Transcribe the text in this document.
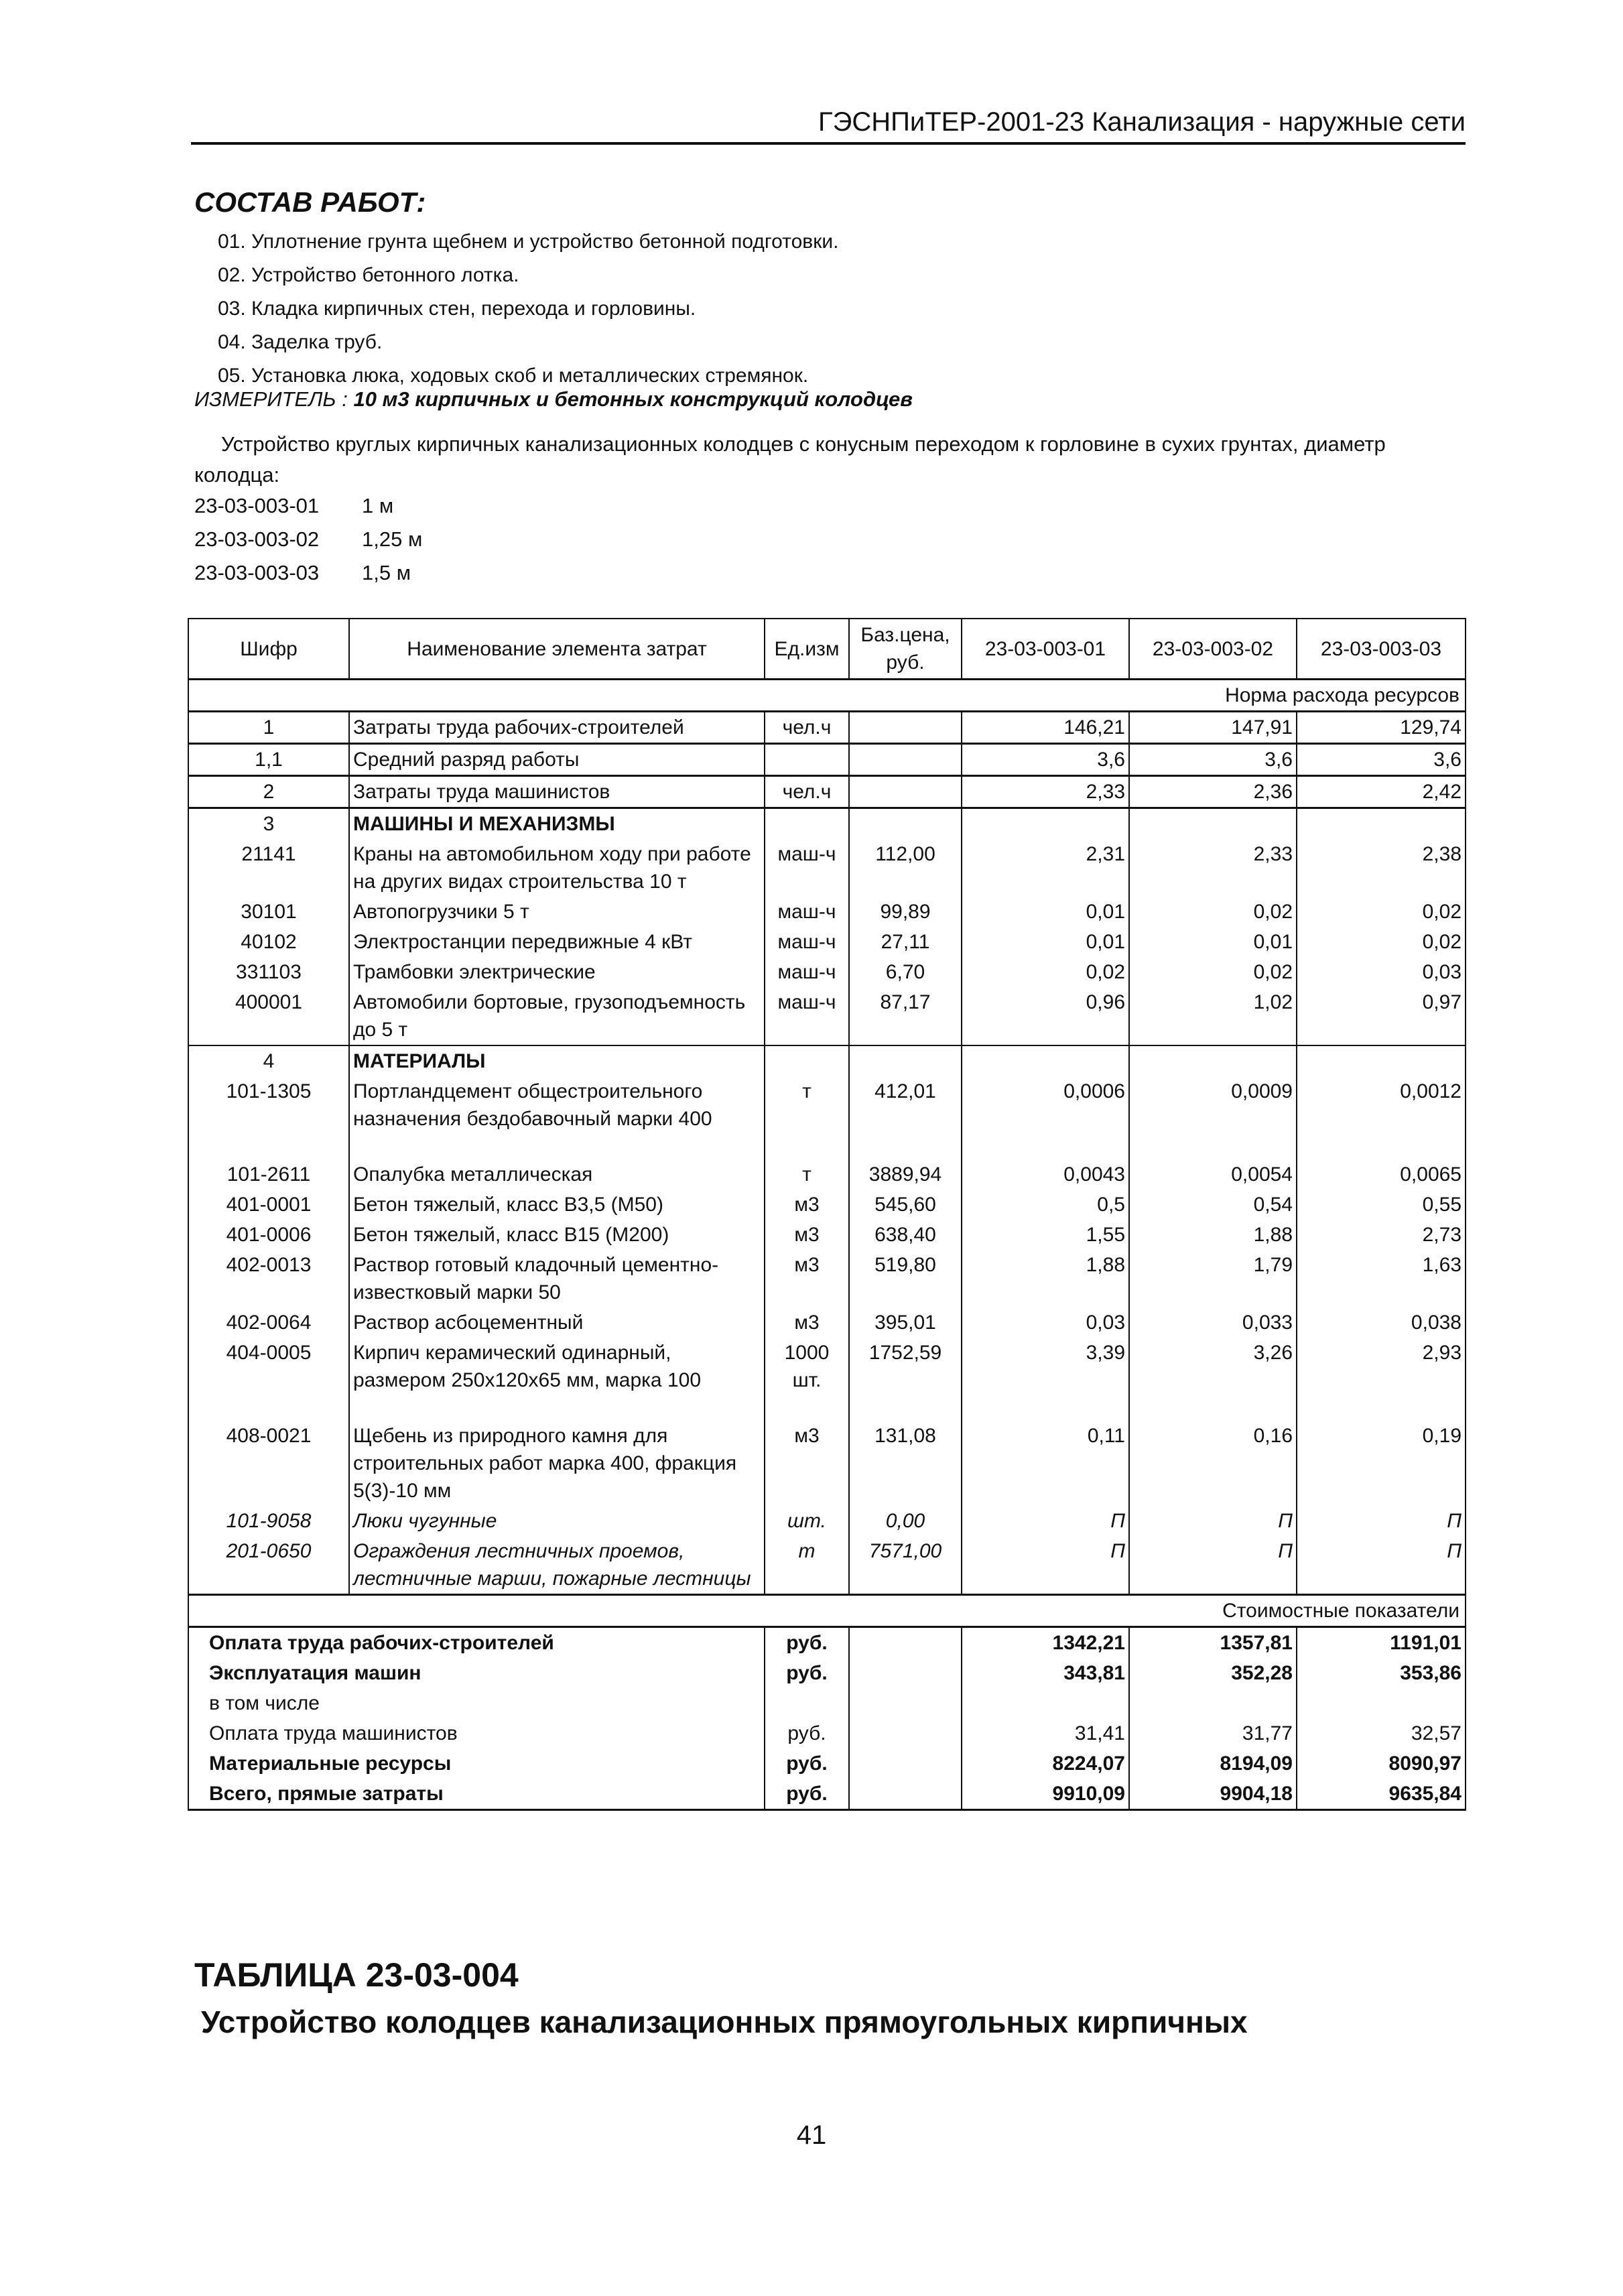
ГЭСНПиТЕР-2001-23 Канализация - наружные сети
СОСТАВ РАБОТ:
01. Уплотнение грунта щебнем и устройство бетонной подготовки.
02. Устройство бетонного лотка.
03. Кладка кирпичных стен, перехода и горловины.
04. Заделка труб.
05. Установка люка, ходовых скоб и металлических стремянок.
ИЗМЕРИТЕЛЬ : 10 м3 кирпичных и бетонных конструкций колодцев
Устройство круглых кирпичных канализационных колодцев с конусным переходом к горловине в сухих грунтах, диаметр колодца:
23-03-003-01 1 м
23-03-003-02 1,25 м
23-03-003-03 1,5 м
Шифр	Наименование элемента затрат	Ед.изм	Баз.цена, руб.	23-03-003-01	23-03-003-02	23-03-003-03
				Норма расхода ресурсов		
1	Затраты труда рабочих-строителей	чел.ч		146,21	147,91	129,74
1,1	Средний разряд работы			3,6	3,6	3,6
2	Затраты труда машинистов	чел.ч		2,33	2,36	2,42
3	МАШИНЫ И МЕХАНИЗМЫ					
21141	Краны на автомобильном ходу при работе на других видах строительства 10 т	маш-ч	112,00	2,31	2,33	2,38
30101	Автопогрузчики 5 т	маш-ч	99,89	0,01	0,02	0,02
40102	Электростанции передвижные 4 кВт	маш-ч	27,11	0,01	0,01	0,02
331103	Трамбовки электрические	маш-ч	6,70	0,02	0,02	0,03
400001	Автомобили бортовые, грузоподъемность до 5 т	маш-ч	87,17	0,96	1,02	0,97
4	МАТЕРИАЛЫ					
101-1305	Портландцемент общестроительного назначения бездобавочный марки 400	т	412,01	0,0006	0,0009	0,0012
101-2611	Опалубка металлическая	т	3889,94	0,0043	0,0054	0,0065
401-0001	Бетон тяжелый, класс В3,5 (М50)	м3	545,60	0,5	0,54	0,55
401-0006	Бетон тяжелый, класс В15 (М200)	м3	638,40	1,55	1,88	2,73
402-0013	Раствор готовый кладочный цементно-известковый марки 50	м3	519,80	1,88	1,79	1,63
402-0064	Раствор асбоцементный	м3	395,01	0,03	0,033	0,038
404-0005	Кирпич керамический одинарный, размером 250х120х65 мм, марка 100	1000 шт.	1752,59	3,39	3,26	2,93
408-0021	Щебень из природного камня для строительных работ марка 400, фракция 5(3)-10 мм	м3	131,08	0,11	0,16	0,19
101-9058	Люки чугунные	шт.	0,00	П	П	П
201-0650	Ограждения лестничных проемов, лестничные марши, пожарные лестницы	т	7571,00	П	П	П
				Стоимостные показатели		
Оплата труда рабочих-строителей		руб.		1342,21	1357,81	1191,01
Эксплуатация машин		руб.		343,81	352,28	353,86
в том числе						
Оплата труда машинистов		руб.		31,41	31,77	32,57
Материальные ресурсы		руб.		8224,07	8194,09	8090,97
Всего, прямые затраты		руб.		9910,09	9904,18	9635,84
ТАБЛИЦА 23-03-004
Устройство колодцев канализационных прямоугольных кирпичных
41
